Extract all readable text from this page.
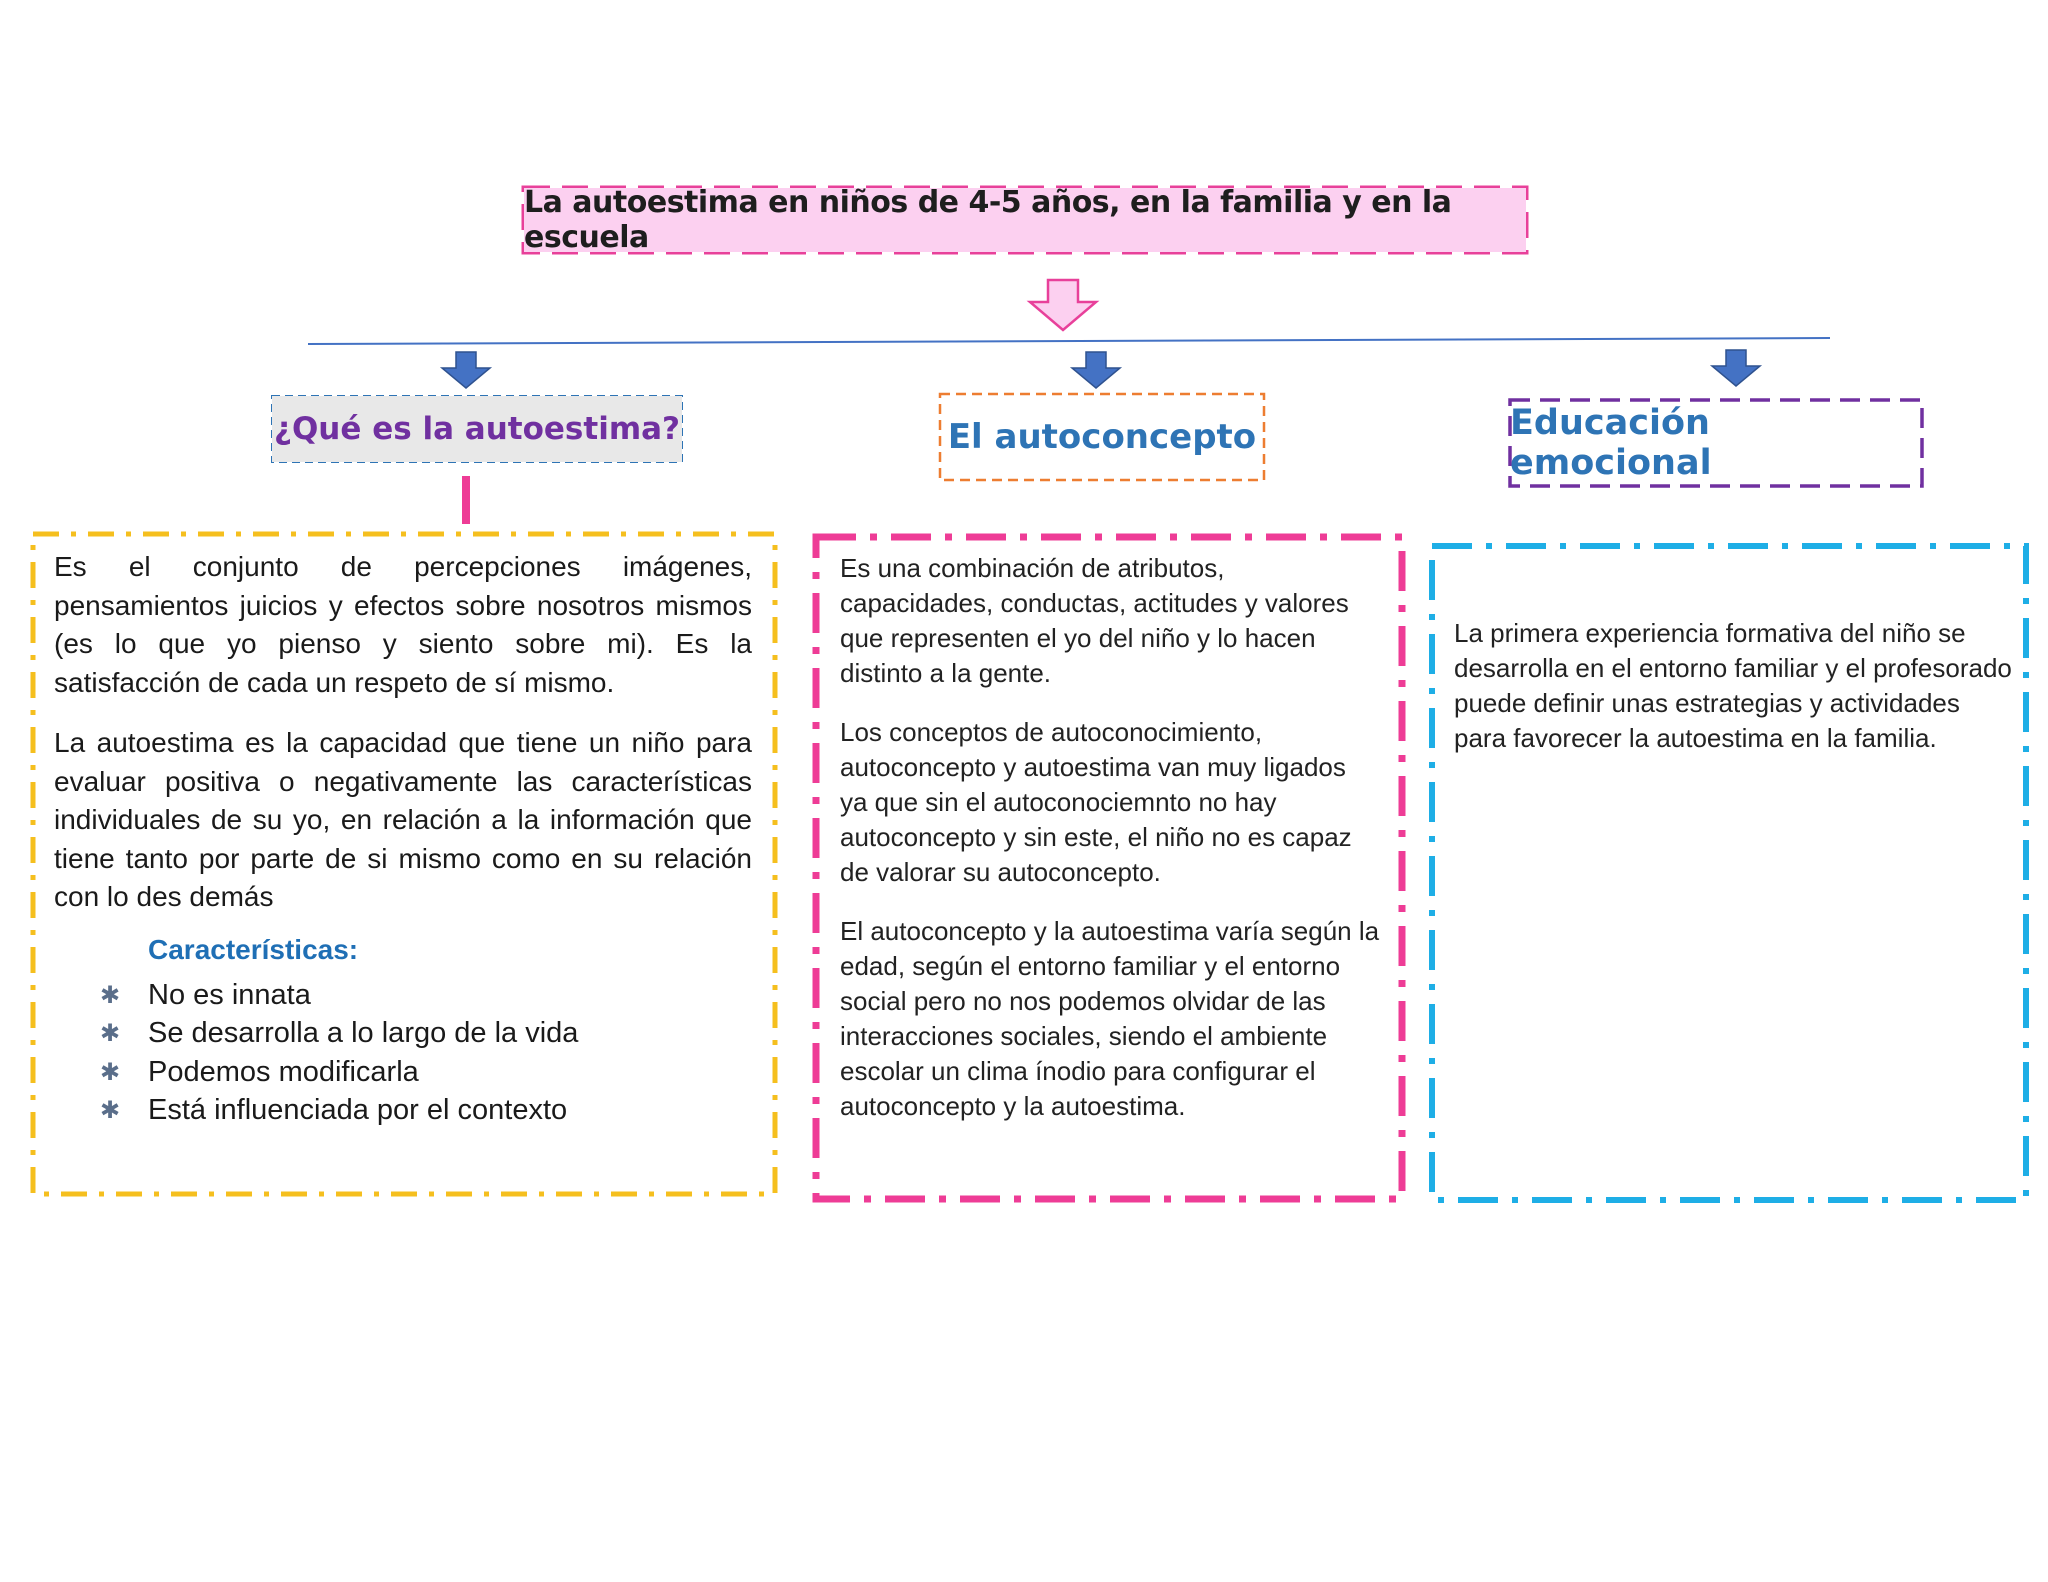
La autoestima en niños de 4-5 años, en la familia y en la escuela
¿Qué es la autoestima?	El autoconcepto	Educación emocional

Es el conjunto de percepciones imágenes, pensamientos juicios y efectos sobre nosotros mismos (es lo que yo pienso y siento sobre mi). Es la satisfacción de cada un respeto de sí mismo.

La autoestima es la capacidad que tiene un niño para evaluar positiva o negativamente las características individuales de su yo, en relación a la información que tiene tanto por parte de si mismo como en su relación con lo des demás

Características:
✱ No es innata
✱ Se desarrolla a lo largo de la vida
✱ Podemos modificarla
✱ Está influenciada por el contexto

Es una combinación de atributos, capacidades, conductas, actitudes y valores que representen el yo del niño y lo hacen distinto a la gente.

Los conceptos de autoconocimiento, autoconcepto y autoestima van muy ligados ya que sin el autoconociemnto no hay autoconcepto y sin este, el niño no es capaz de valorar su autoconcepto.

El autoconcepto y la autoestima varía según la edad, según el entorno familiar y el entorno social pero no nos podemos olvidar de las interacciones sociales, siendo el ambiente escolar un clima ínodio para configurar el autoconcepto y la autoestima.

La primera experiencia formativa del niño se desarrolla en el entorno familiar y el profesorado puede definir unas estrategias y actividades para favorecer la autoestima en la familia.
